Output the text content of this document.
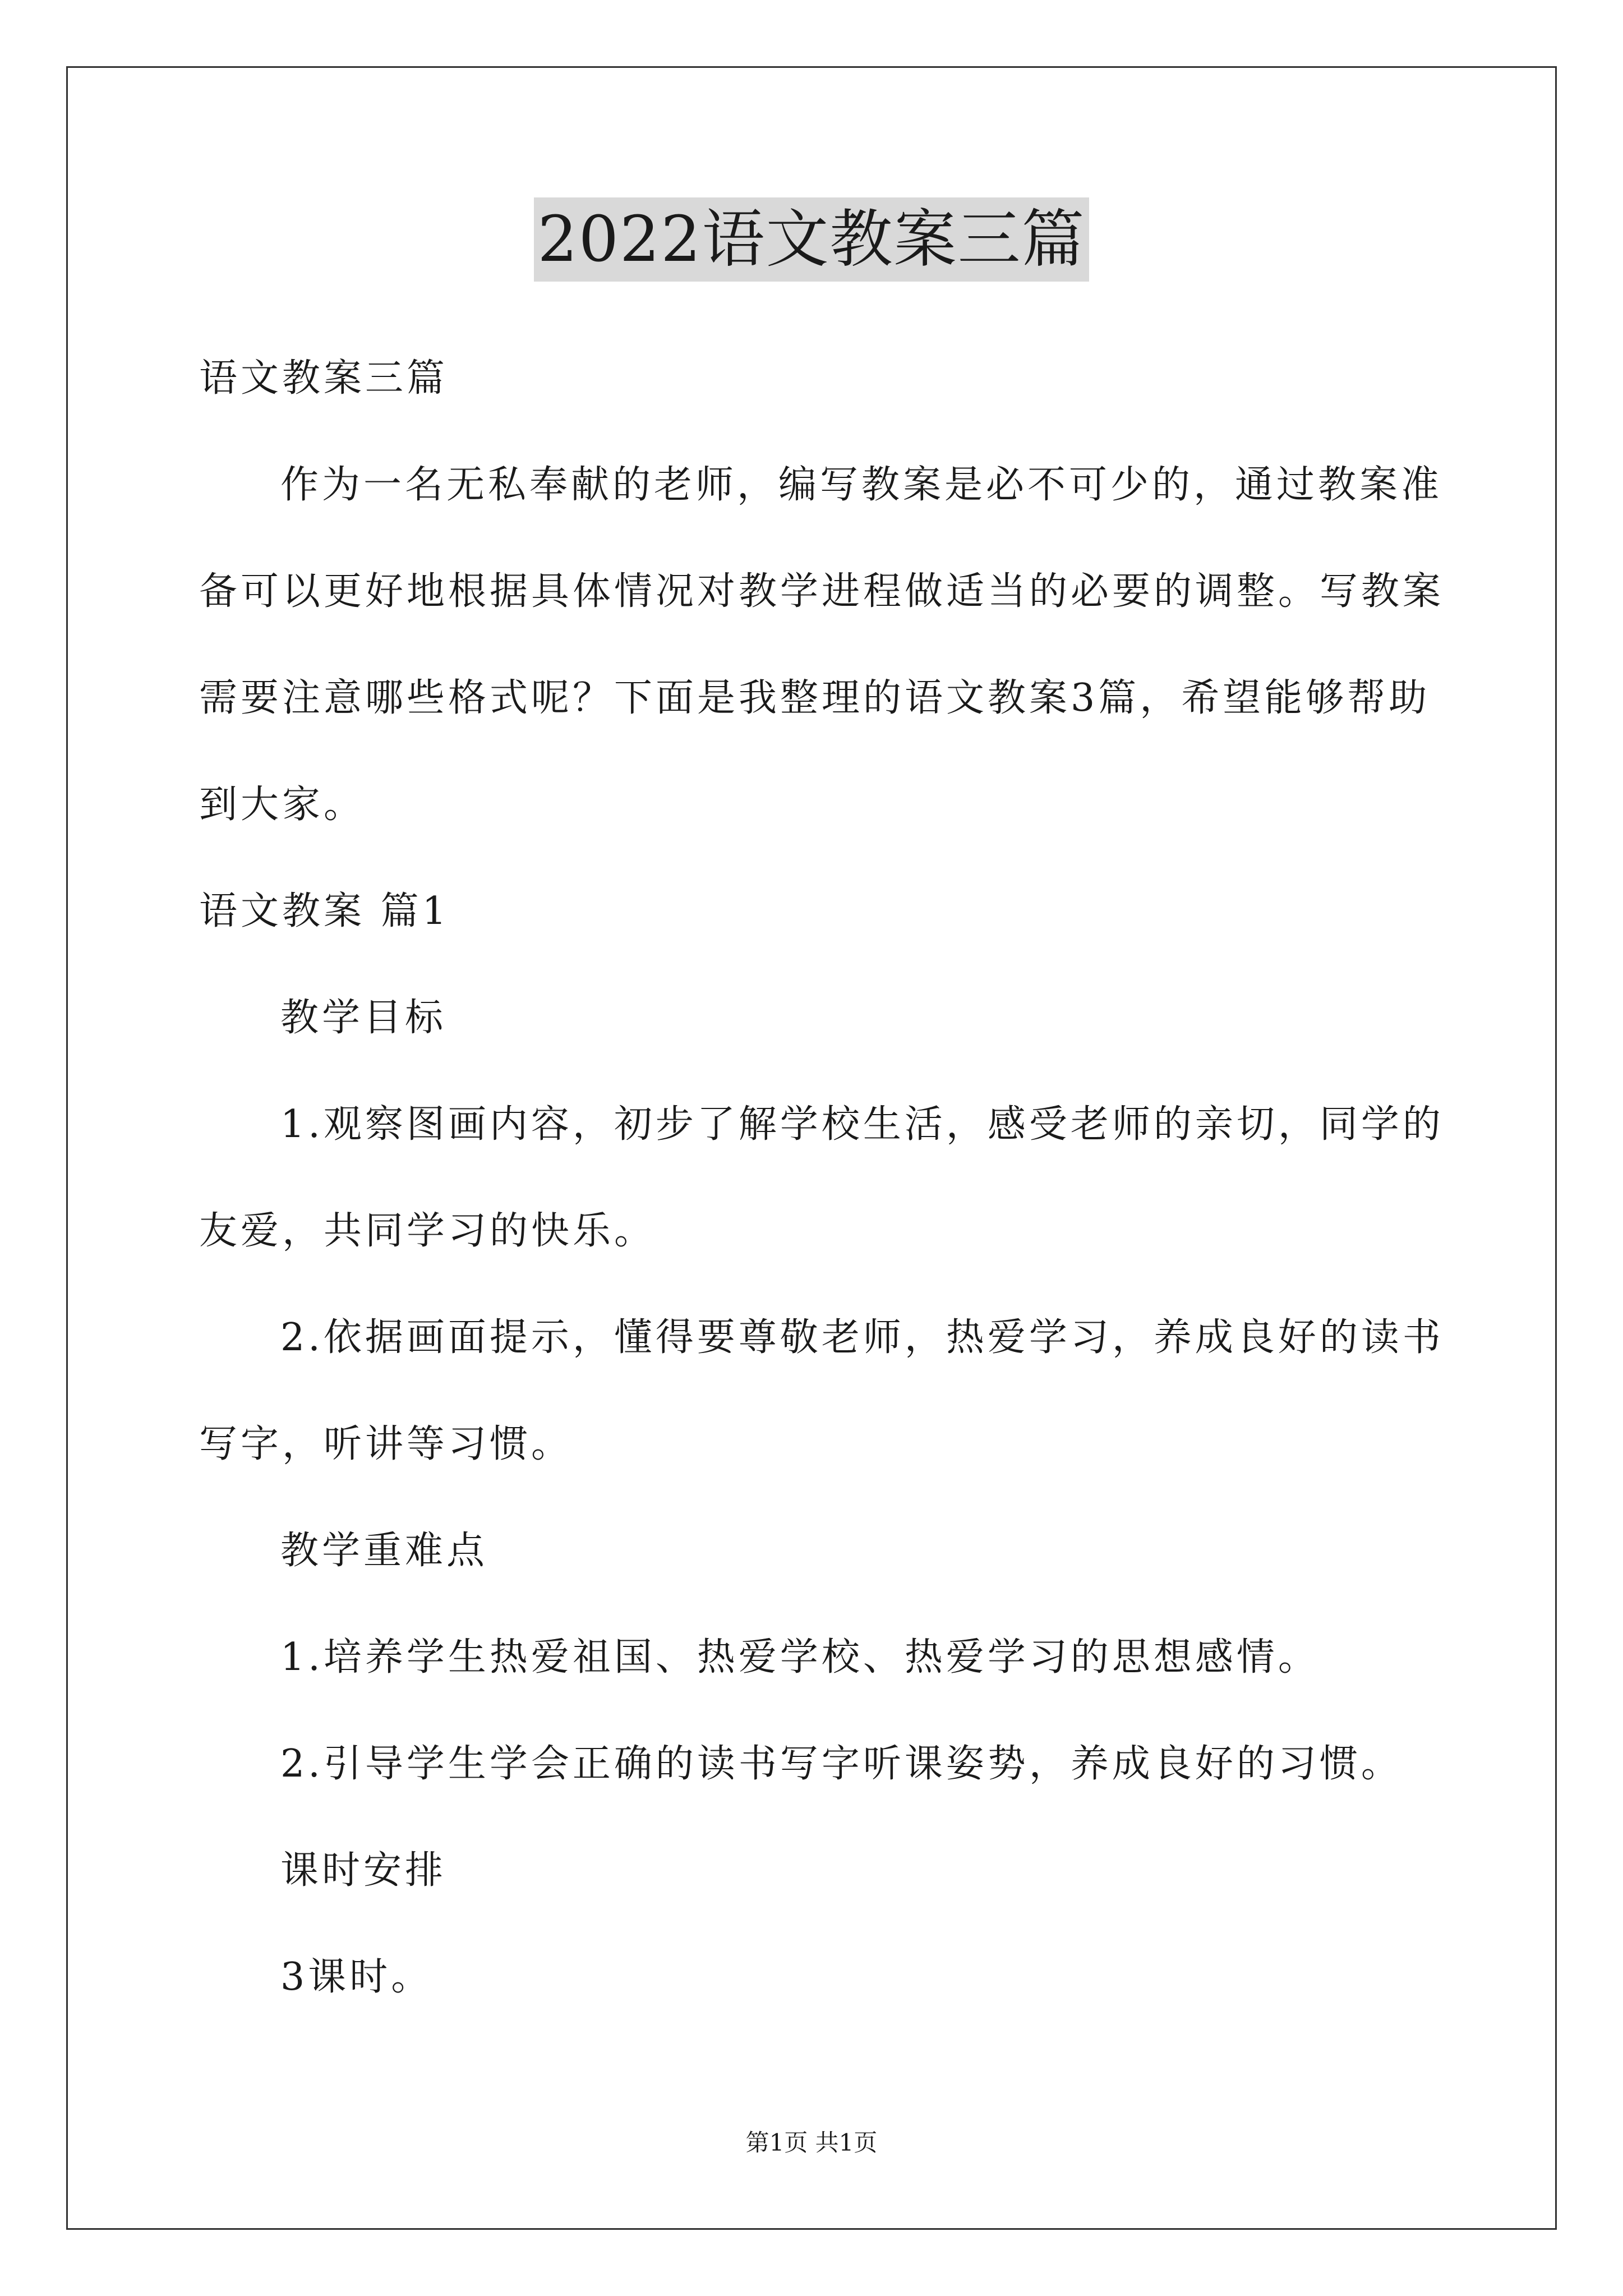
2022语文教案三篇
语文教案三篇
作为一名无私奉献的老师，编写教案是必不可少的，通过教案准
备可以更好地根据具体情况对教学进程做适当的必要的调整。写教案
需要注意哪些格式呢？下面是我整理的语文教案3篇，希望能够帮助
到大家。
语文教案 篇1
教学目标
1.观察图画内容，初步了解学校生活，感受老师的亲切，同学的
友爱，共同学习的快乐。
2.依据画面提示，懂得要尊敬老师，热爱学习，养成良好的读书
写字，听讲等习惯。
教学重难点
1.培养学生热爱祖国、热爱学校、热爱学习的思想感情。
2.引导学生学会正确的读书写字听课姿势，养成良好的习惯。
课时安排
3课时。
第1页 共1页
